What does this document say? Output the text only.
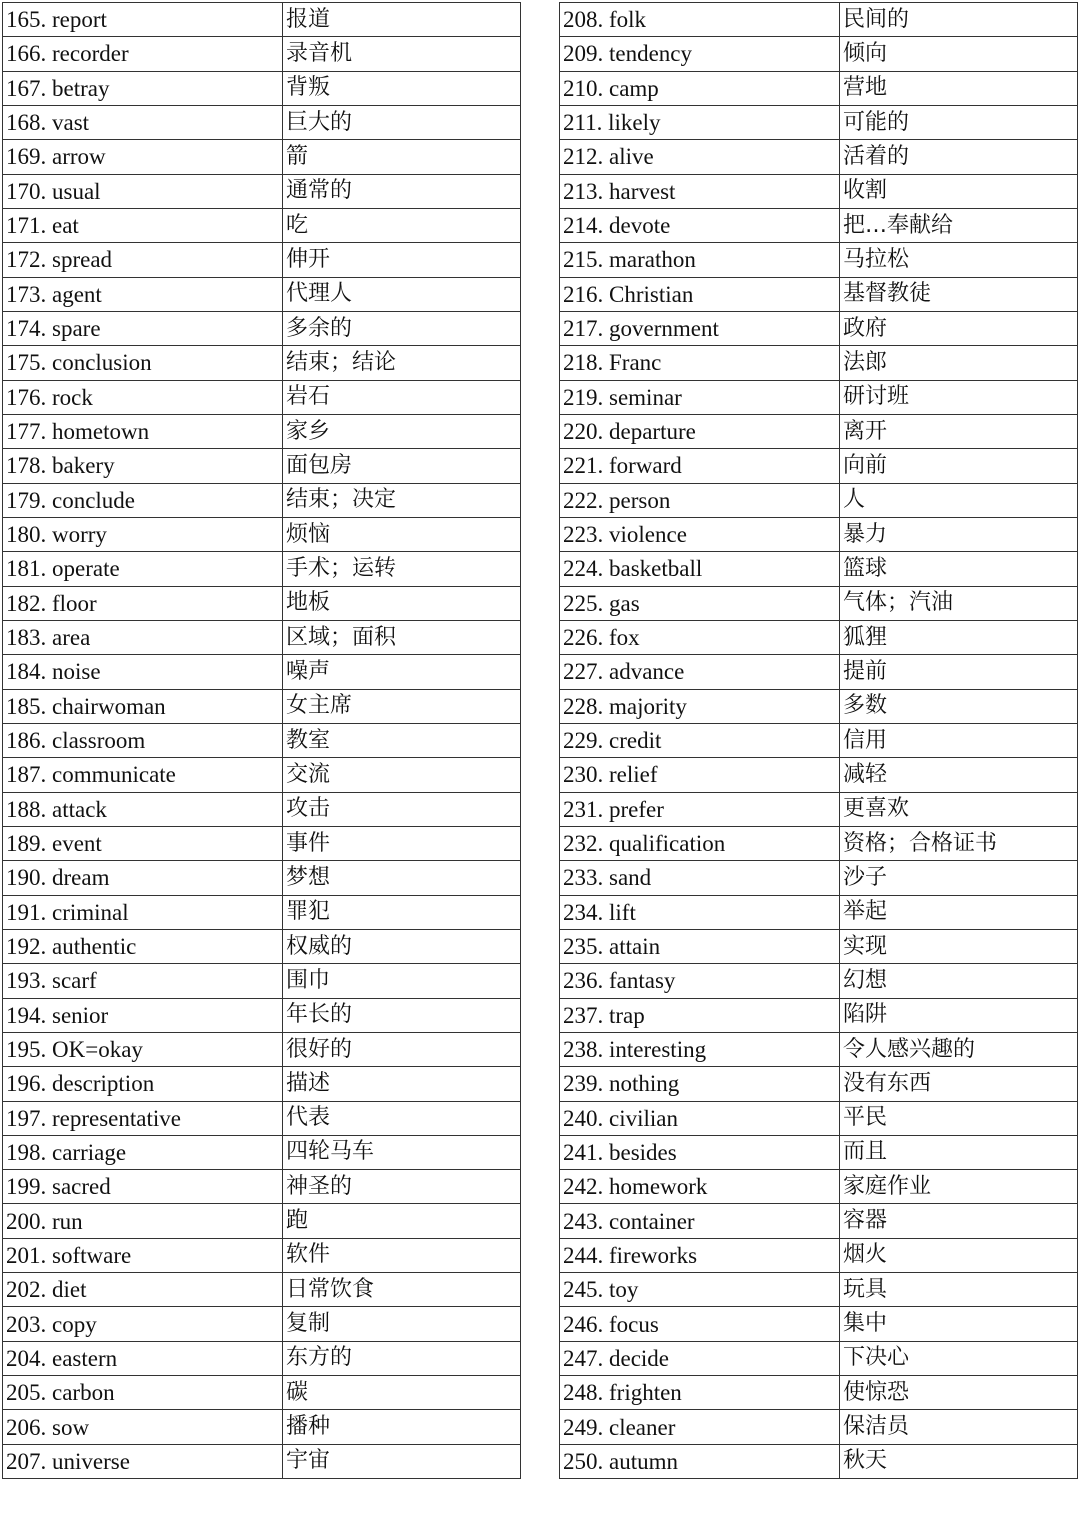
165. report	报道
166. recorder	录音机
167. betray	背叛
168. vast	巨大的
169. arrow	箭
170. usual	通常的
171. eat	吃
172. spread	伸开
173. agent	代理人
174. spare	多余的
175. conclusion	结束；结论
176. rock	岩石
177. hometown	家乡
178. bakery	面包房
179. conclude	结束；决定
180. worry	烦恼
181. operate	手术；运转
182. floor	地板
183. area	区域；面积
184. noise	噪声
185. chairwoman	女主席
186. classroom	教室
187. communicate	交流
188. attack	攻击
189. event	事件
190. dream	梦想
191. criminal	罪犯
192. authentic	权威的
193. scarf	围巾
194. senior	年长的
195. OK=okay	很好的
196. description	描述
197. representative	代表
198. carriage	四轮马车
199. sacred	神圣的
200. run	跑
201. software	软件
202. diet	日常饮食
203. copy	复制
204. eastern	东方的
205. carbon	碳
206. sow	播种
207. universe	宇宙
208. folk	民间的
209. tendency	倾向
210. camp	营地
211. likely	可能的
212. alive	活着的
213. harvest	收割
214. devote	把…奉献给
215. marathon	马拉松
216. Christian	基督教徒
217. government	政府
218. Franc	法郎
219. seminar	研讨班
220. departure	离开
221. forward	向前
222. person	人
223. violence	暴力
224. basketball	篮球
225. gas	气体；汽油
226. fox	狐狸
227. advance	提前
228. majority	多数
229. credit	信用
230. relief	减轻
231. prefer	更喜欢
232. qualification	资格；合格证书
233. sand	沙子
234. lift	举起
235. attain	实现
236. fantasy	幻想
237. trap	陷阱
238. interesting	令人感兴趣的
239. nothing	没有东西
240. civilian	平民
241. besides	而且
242. homework	家庭作业
243. container	容器
244. fireworks	烟火
245. toy	玩具
246. focus	集中
247. decide	下决心
248. frighten	使惊恐
249. cleaner	保洁员
250. autumn	秋天
